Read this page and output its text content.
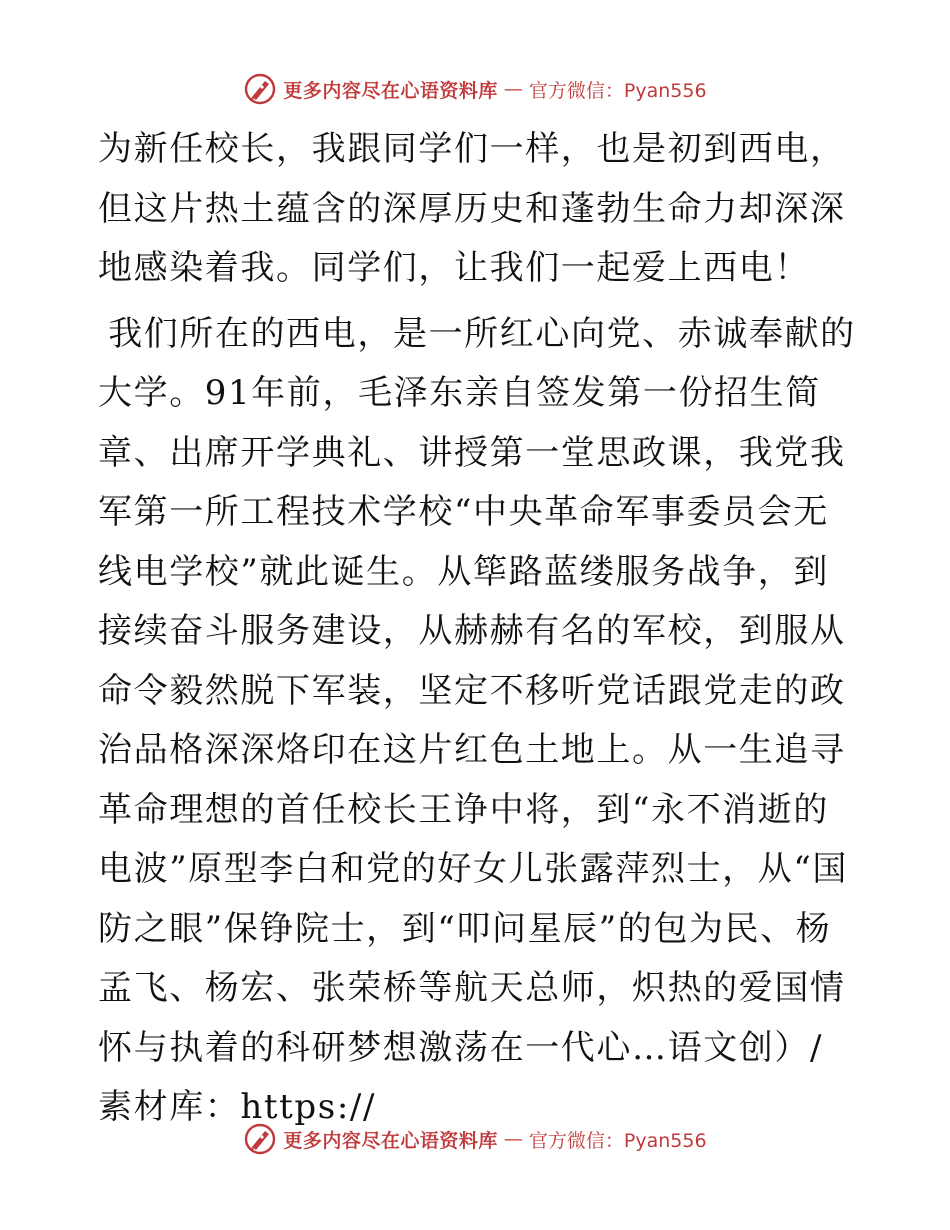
更多内容尽在心语资料库 — 官方微信：Pyan556

为新任校长，我跟同学们一样，也是初到西电，但这片热土蕴含的深厚历史和蓬勃生命力却深深地感染着我。同学们，让我们一起爱上西电！

我们所在的西电，是一所红心向党、赤诚奉献的大学。91年前，毛泽东亲自签发第一份招生简章、出席开学典礼、讲授第一堂思政课，我党我军第一所工程技术学校“中央革命军事委员会无线电学校”就此诞生。从筚路蓝缕服务战争，到接续奋斗服务建设，从赫赫有名的军校，到服从命令毅然脱下军装，坚定不移听党话跟党走的政治品格深深烙印在这片红色土地上。从一生追寻革命理想的首任校长王诤中将，到“永不消逝的电波”原型李白和党的好女儿张露萍烈士，从“国防之眼”保铮院士，到“叩问星辰”的包为民、杨孟飞、杨宏、张荣桥等航天总师，炽热的爱国情怀与执着的科研梦想激荡在一代心…语文创）/素材库：https://

更多内容尽在心语资料库 — 官方微信：Pyan556
